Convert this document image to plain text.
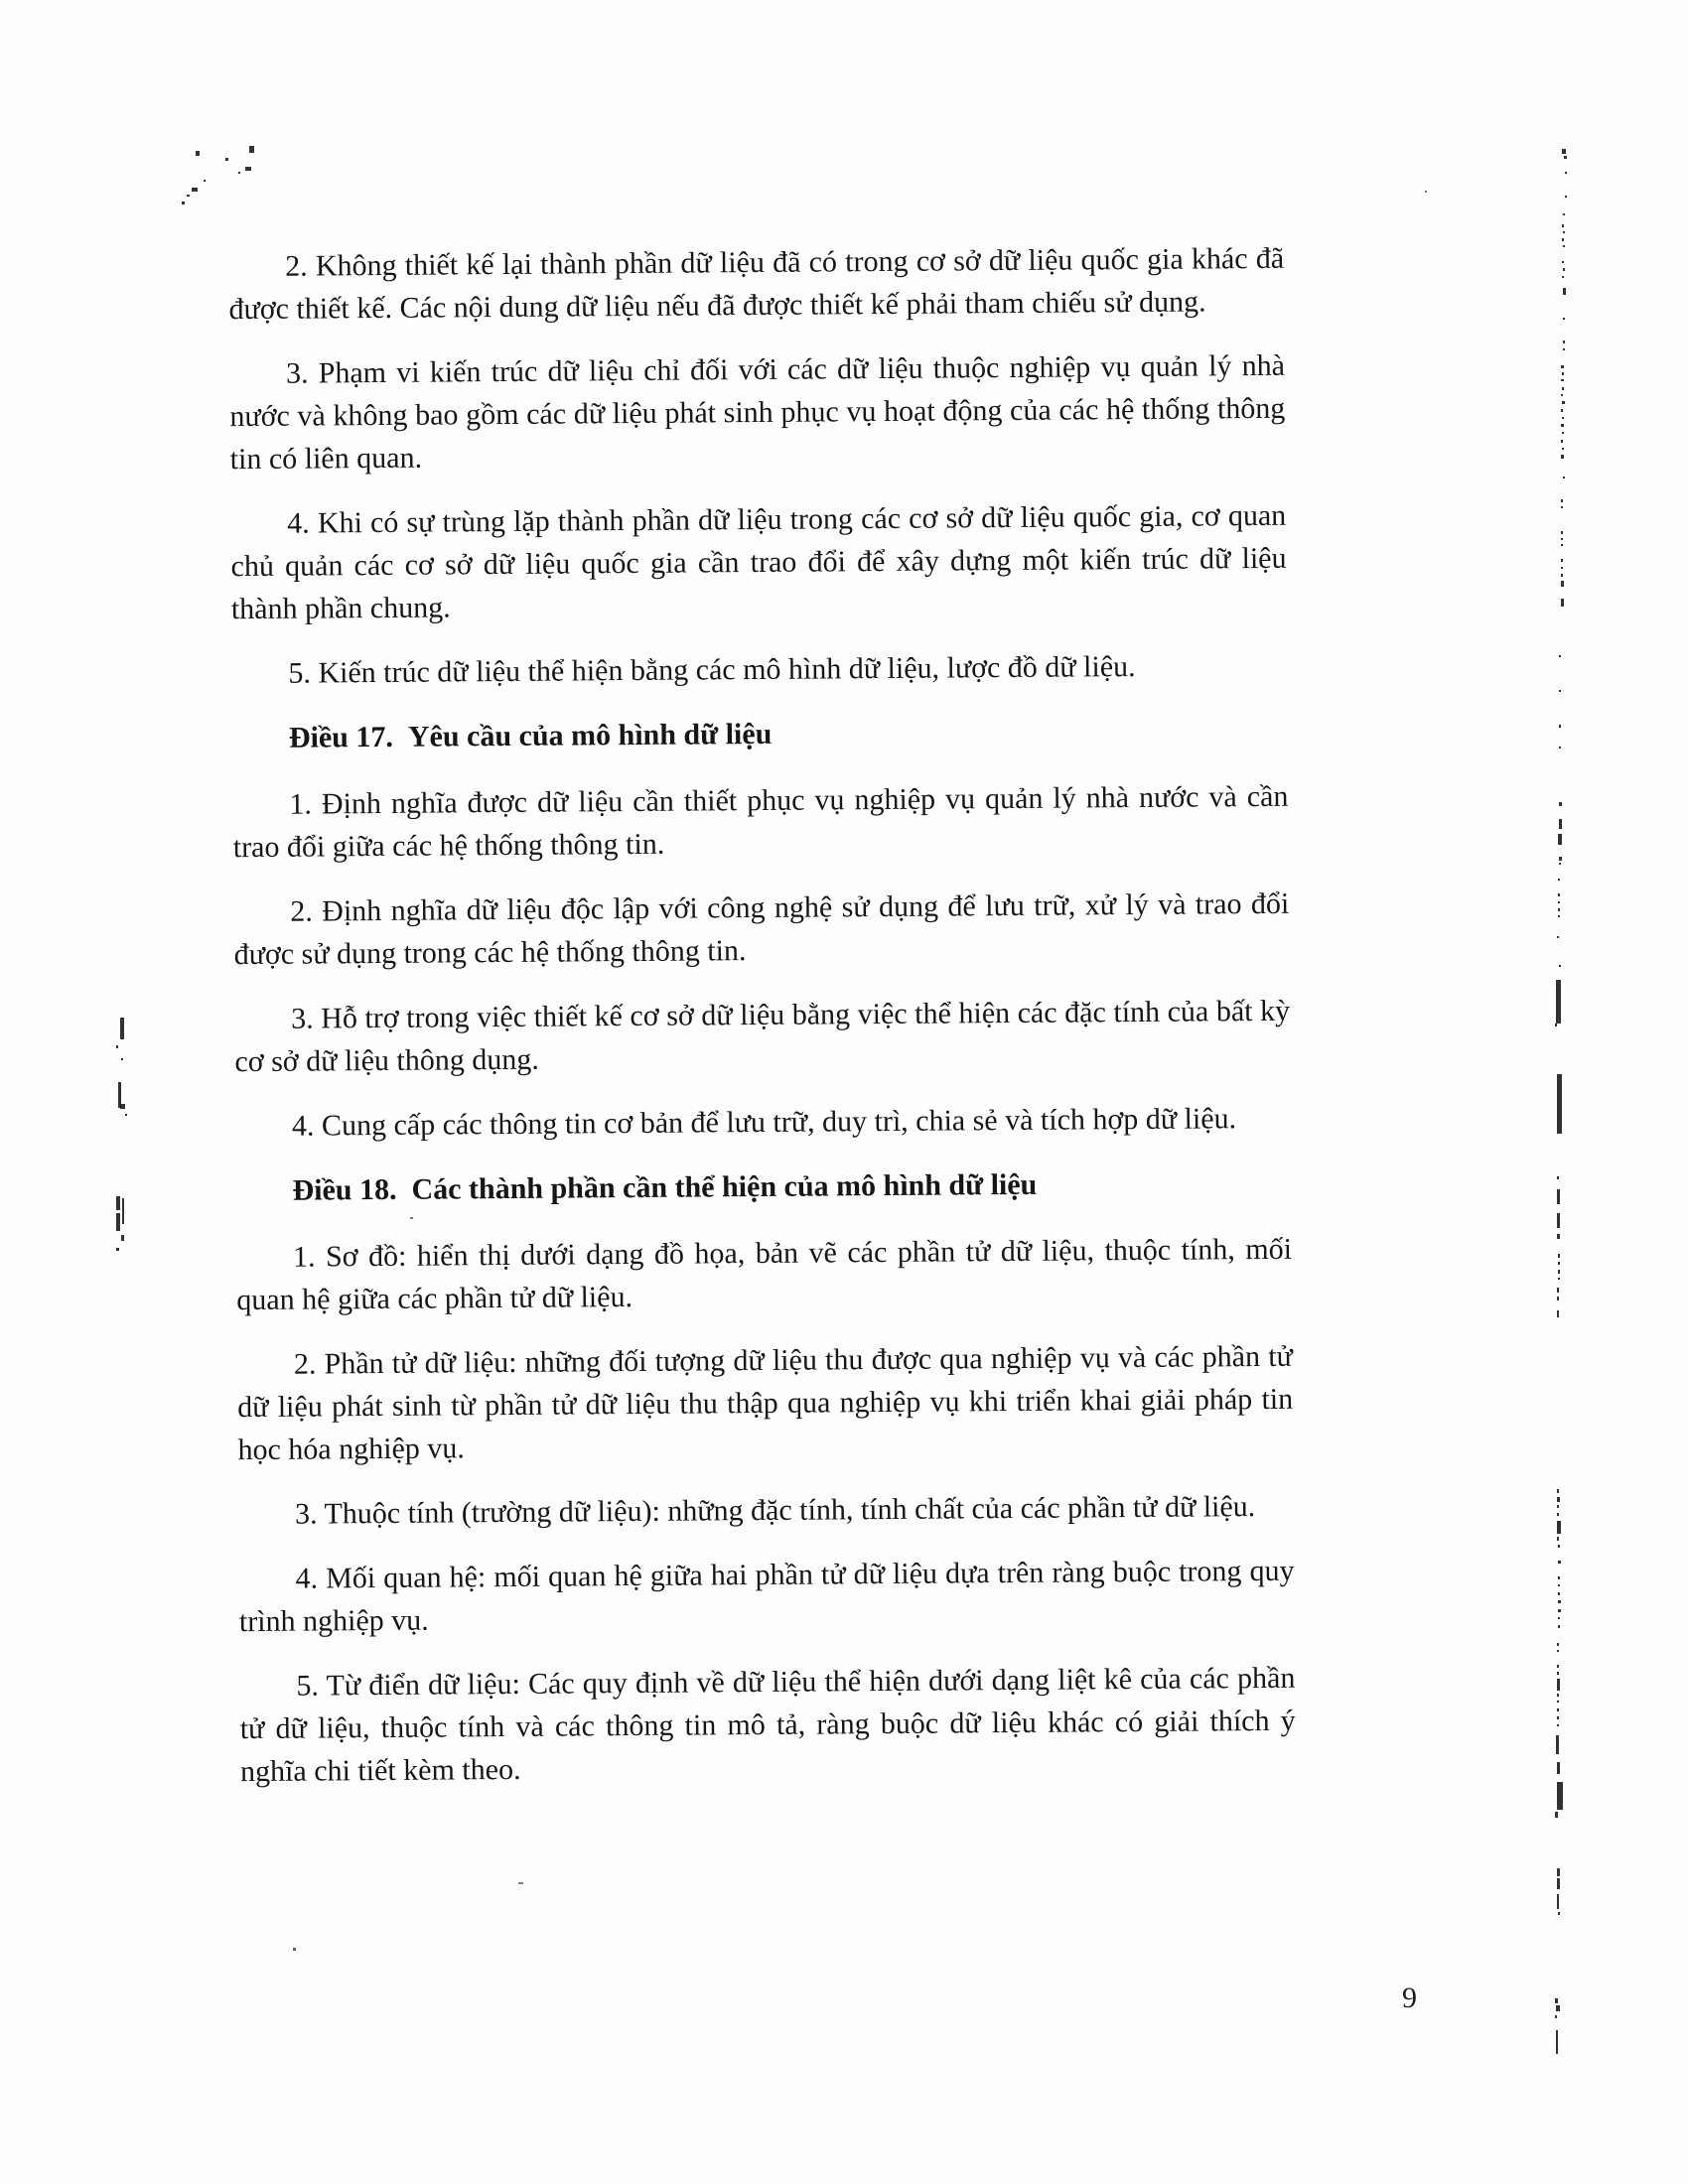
2. Không thiết kế lại thành phần dữ liệu đã có trong cơ sở dữ liệu quốc gia khác đã được thiết kế. Các nội dung dữ liệu nếu đã được thiết kế phải tham chiếu sử dụng.

3. Phạm vi kiến trúc dữ liệu chỉ đối với các dữ liệu thuộc nghiệp vụ quản lý nhà nước và không bao gồm các dữ liệu phát sinh phục vụ hoạt động của các hệ thống thông tin có liên quan.

4. Khi có sự trùng lặp thành phần dữ liệu trong các cơ sở dữ liệu quốc gia, cơ quan chủ quản các cơ sở dữ liệu quốc gia cần trao đổi để xây dựng một kiến trúc dữ liệu thành phần chung.

5. Kiến trúc dữ liệu thể hiện bằng các mô hình dữ liệu, lược đồ dữ liệu.

Điều 17. Yêu cầu của mô hình dữ liệu

1. Định nghĩa được dữ liệu cần thiết phục vụ nghiệp vụ quản lý nhà nước và cần trao đổi giữa các hệ thống thông tin.

2. Định nghĩa dữ liệu độc lập với công nghệ sử dụng để lưu trữ, xử lý và trao đổi được sử dụng trong các hệ thống thông tin.

3. Hỗ trợ trong việc thiết kế cơ sở dữ liệu bằng việc thể hiện các đặc tính của bất kỳ cơ sở dữ liệu thông dụng.

4. Cung cấp các thông tin cơ bản để lưu trữ, duy trì, chia sẻ và tích hợp dữ liệu.

Điều 18. Các thành phần cần thể hiện của mô hình dữ liệu

1. Sơ đồ: hiển thị dưới dạng đồ họa, bản vẽ các phần tử dữ liệu, thuộc tính, mối quan hệ giữa các phần tử dữ liệu.

2. Phần tử dữ liệu: những đối tượng dữ liệu thu được qua nghiệp vụ và các phần tử dữ liệu phát sinh từ phần tử dữ liệu thu thập qua nghiệp vụ khi triển khai giải pháp tin học hóa nghiệp vụ.

3. Thuộc tính (trường dữ liệu): những đặc tính, tính chất của các phần tử dữ liệu.

4. Mối quan hệ: mối quan hệ giữa hai phần tử dữ liệu dựa trên ràng buộc trong quy trình nghiệp vụ.

5. Từ điển dữ liệu: Các quy định về dữ liệu thể hiện dưới dạng liệt kê của các phần tử dữ liệu, thuộc tính và các thông tin mô tả, ràng buộc dữ liệu khác có giải thích ý nghĩa chi tiết kèm theo.

9
